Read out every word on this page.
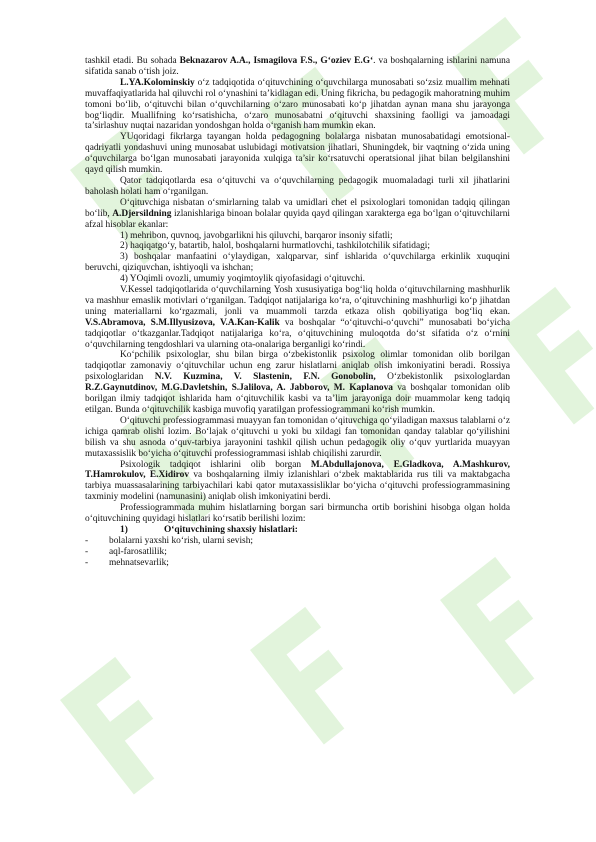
tashkil etadi. Bu sohada Beknazarov A.A., Ismagilova F.S., G‘oziev E.G‘. va boshqalarning ishlarini namuna sifatida sanab o‘tish joiz.

L.YA.Kolominskiy o‘z tadqiqotida o‘qituvchining o‘quvchilarga munosabati so‘zsiz muallim mehnati muvaffaqiyatlarida hal qiluvchi rol o‘ynashini ta’kidlagan edi. Uning fikricha, bu pedagogik mahoratning muhim tomoni bo‘lib, o‘qituvchi bilan o‘quvchilarning o‘zaro munosabati ko‘p jihatdan aynan mana shu jarayonga bog‘liqdir. Muallifning ko‘rsatishicha, o‘zaro munosabatni o‘qituvchi shaxsining faolligi va jamoadagi ta’sirlashuv nuqtai nazaridan yondoshgan holda o‘rganish ham mumkin ekan.

YUqoridagi fikrlarga tayangan holda pedagogning bolalarga nisbatan munosabatidagi emotsional-qadriyatli yondashuvi uning munosabat uslubidagi motivatsion jihatlari, Shuningdek, bir vaqtning o‘zida uning o‘quvchilarga bo‘lgan munosabati jarayonida xulqiga ta’sir ko‘rsatuvchi operatsional jihat bilan belgilanshini qayd qilish mumkin.

Qator tadqiqotlarda esa o‘qituvchi va o‘quvchilarning pedagogik muomaladagi turli xil jihatlarini baholash holati ham o‘rganilgan.

O‘qituvchiga nisbatan o‘smirlarning talab va umidlari chet el psixologlari tomonidan tadqiq qilingan bo‘lib, A.Djersildning izlanishlariga binoan bolalar quyida qayd qilingan xarakterga ega bo‘lgan o‘qituvchilarni afzal hisoblar ekanlar:

1) mehribon, quvnoq, javobgarlikni his qiluvchi, barqaror insoniy sifatli;

2) haqiqatgo‘y, batartib, halol, boshqalarni hurmatlovchi, tashkilotchilik sifatidagi;

3) boshqalar manfaatini o‘ylaydigan, xalqparvar, sinf ishlarida o‘quvchilarga erkinlik xuquqini beruvchi, qiziquvchan, ishtiyoqli va ishchan;

4) YOqimli ovozli, umumiy yoqimtoylik qiyofasidagi o‘qituvchi.

V.Kessel tadqiqotlarida o‘quvchilarning Yosh xususiyatiga bog‘liq holda o‘qituvchilarning mashhurlik va mashhur emaslik motivlari o‘rganilgan. Tadqiqot natijalariga ko‘ra, o‘qituvchining mashhurligi ko‘p jihatdan uning materiallarni ko‘rgazmali, jonli va muammoli tarzda etkaza olish qobiliyatiga bog‘liq ekan. V.S.Abramova, S.M.Illyusizova, V.A.Kan-Kalik va boshqalar “o‘qituvchi-o‘quvchi” munosabati bo‘yicha tadqiqotlar o‘tkazganlar.Tadqiqot natijalariga ko‘ra, o‘qituvchining muloqotda do‘st sifatida o‘z o‘rnini o‘quvchilarning tengdoshlari va ularning ota-onalariga berganligi ko‘rindi.

Ko‘pchilik psixologlar, shu bilan birga o‘zbekistonlik psixolog olimlar tomonidan olib borilgan tadqiqotlar zamonaviy o‘qituvchilar uchun eng zarur hislatlarni aniqlab olish imkoniyatini beradi. Rossiya psixologlaridan N.V. Kuzmina, V. Slastenin, F.N. Gonobolin, O‘zbekistonlik psixologlardan R.Z.Gaynutdinov, M.G.Davletshin, S.Jalilova, A. Jabborov, M. Kaplanova va boshqalar tomonidan olib borilgan ilmiy tadqiqot ishlarida ham o‘qituvchilik kasbi va ta’lim jarayoniga doir muammolar keng tadqiq etilgan. Bunda o‘qituvchilik kasbiga muvofiq yaratilgan professiogrammani ko‘rish mumkin.

O‘qituvchi professiogrammasi muayyan fan tomonidan o‘qituvchiga qo‘yiladigan maxsus talablarni o‘z ichiga qamrab olishi lozim. Bo‘lajak o‘qituvchi u yoki bu xildagi fan tomonidan qanday talablar qo‘yilishini bilish va shu asnoda o‘quv-tarbiya jarayonini tashkil qilish uchun pedagogik oliy o‘quv yurtlarida muayyan mutaxassislik bo‘yicha o‘qituvchi professiogrammasi ishlab chiqilishi zarurdir.

Psixologik tadqiqot ishlarini olib borgan M.Abdullajonova, E.Gladkova, A.Mashkurov, T.Hamrokulov, E.Xidirov va boshqalarning ilmiy izlanishlari o‘zbek maktablarida rus tili va maktabgacha tarbiya muassasalarining tarbiyachilari kabi qator mutaxassisliklar bo‘yicha o‘qituvchi professiogrammasining taxminiy modelini (namunasini) aniqlab olish imkoniyatini berdi.

Professiogrammada muhim hislatlarning borgan sari birmuncha ortib borishini hisobga olgan holda o‘qituvchining quyidagi hislatlari ko‘rsatib berilishi lozim:

1)	O‘qituvchining shaxsiy hislatlari:
-	bolalarni yaxshi ko‘rish, ularni sevish;
-	aql-farosatlilik;
-	mehnatsevarlik;
